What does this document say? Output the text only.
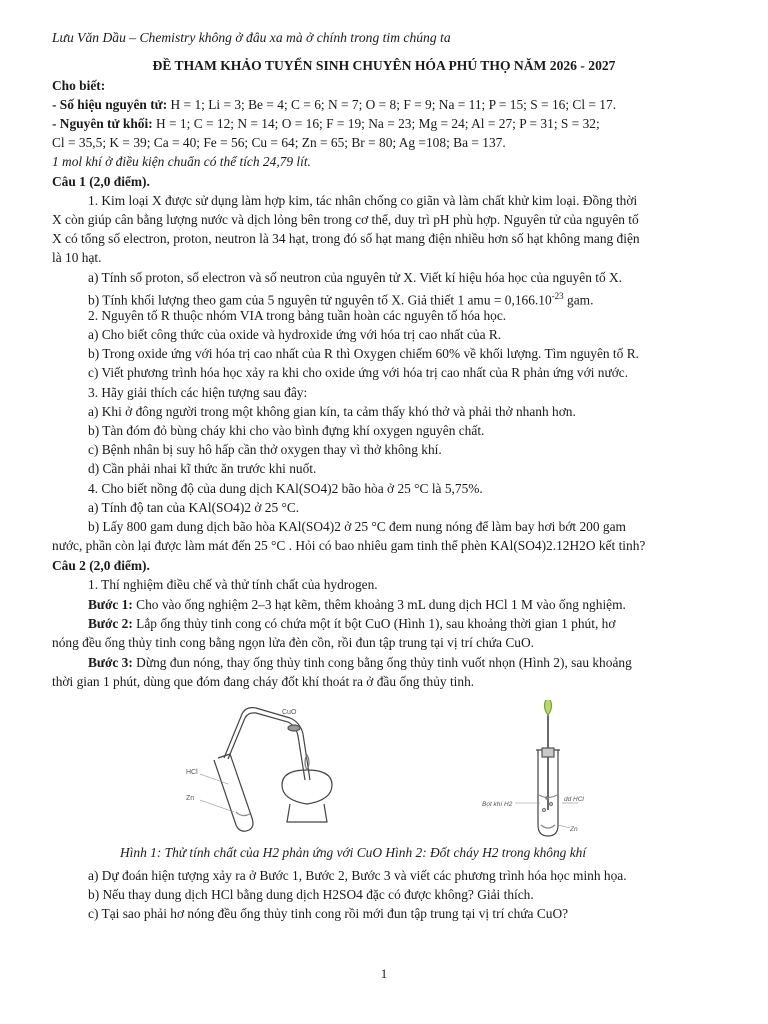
Lưu Văn Dầu – Chemistry không ở đâu xa mà ở chính trong tim chúng ta
ĐỀ THAM KHẢO TUYỂN SINH CHUYÊN HÓA PHÚ THỌ NĂM 2026 - 2027
Cho biết:
- Số hiệu nguyên tử: H = 1; Li = 3; Be = 4; C = 6; N = 7; O = 8; F = 9; Na = 11; P = 15; S = 16; Cl = 17.
- Nguyên tử khối: H = 1; C = 12; N = 14; O = 16; F = 19; Na = 23; Mg = 24; Al = 27; P = 31; S = 32;
Cl = 35,5; K = 39; Ca = 40; Fe = 56; Cu = 64; Zn = 65; Br = 80; Ag =108; Ba = 137.
1 mol khí ở điều kiện chuẩn có thể tích 24,79 lít.
Câu 1 (2,0 điểm).
1. Kim loại X được sử dụng làm hợp kim, tác nhân chống co giãn và làm chất khử kim loại. Đồng thời
X còn giúp cân bằng lượng nước và dịch lỏng bên trong cơ thể, duy trì pH phù hợp. Nguyên tử của nguyên tố
X có tổng số electron, proton, neutron là 34 hạt, trong đó số hạt mang điện nhiều hơn số hạt không mang điện
là 10 hạt.
a) Tính số proton, số electron và số neutron của nguyên tử X. Viết kí hiệu hóa học của nguyên tố X.
b) Tính khối lượng theo gam của 5 nguyên tử nguyên tố X. Giả thiết 1 amu = $0,166.10^{-23}$ gam.
2. Nguyên tố R thuộc nhóm VIA trong bảng tuần hoàn các nguyên tố hóa học.
a) Cho biết công thức của oxide và hydroxide ứng với hóa trị cao nhất của R.
b) Trong oxide ứng với hóa trị cao nhất của R thì Oxygen chiếm 60% về khối lượng. Tìm nguyên tố R.
c) Viết phương trình hóa học xảy ra khi cho oxide ứng với hóa trị cao nhất của R phản ứng với nước.
3. Hãy giải thích các hiện tượng sau đây:
a) Khi ở đông người trong một không gian kín, ta cảm thấy khó thở và phải thở nhanh hơn.
b) Tàn đóm đỏ bùng cháy khi cho vào bình đựng khí oxygen nguyên chất.
c) Bệnh nhân bị suy hô hấp cần thở oxygen thay vì thở không khí.
d) Cần phải nhai kĩ thức ăn trước khi nuốt.
4. Cho biết nồng độ của dung dịch KAl(SO4)2 bão hòa ở 25 °C là 5,75%.
a) Tính độ tan của KAl(SO4)2 ở 25 °C.
b) Lấy 800 gam dung dịch bão hòa KAl(SO4)2 ở 25 °C đem nung nóng để làm bay hơi bớt 200 gam
nước, phần còn lại được làm mát đến 25 °C . Hỏi có bao nhiêu gam tinh thể phèn KAl(SO4)2.12H2O kết tinh?
Câu 2 (2,0 điểm).
1. Thí nghiệm điều chế và thử tính chất của hydrogen.
Bước 1: Cho vào ống nghiệm 2–3 hạt kẽm, thêm khoảng 3 mL dung dịch HCl 1 M vào ống nghiệm.
Bước 2: Lắp ống thủy tinh cong có chứa một ít bột CuO (Hình 1), sau khoảng thời gian 1 phút, hơ
nóng đều ống thủy tinh cong bằng ngọn lửa đèn cồn, rồi đun tập trung tại vị trí chứa CuO.
Bước 3: Dừng đun nóng, thay ống thủy tinh cong bằng ống thủy tinh vuốt nhọn (Hình 2), sau khoảng
thời gian 1 phút, dùng que đóm đang cháy đốt khí thoát ra ở đầu ống thủy tinh.
HCl
Zn
CuO
Bọt khí H2
dd HCl
Zn
Hình 1: Thử tính chất của H2 phản ứng với CuO Hình 2: Đốt cháy H2 trong không khí
a) Dự đoán hiện tượng xảy ra ở Bước 1, Bước 2, Bước 3 và viết các phương trình hóa học minh họa.
b) Nếu thay dung dịch HCl bằng dung dịch H2SO4 đặc có được không? Giải thích.
c) Tại sao phải hơ nóng đều ống thủy tinh cong rồi mới đun tập trung tại vị trí chứa CuO?
1
